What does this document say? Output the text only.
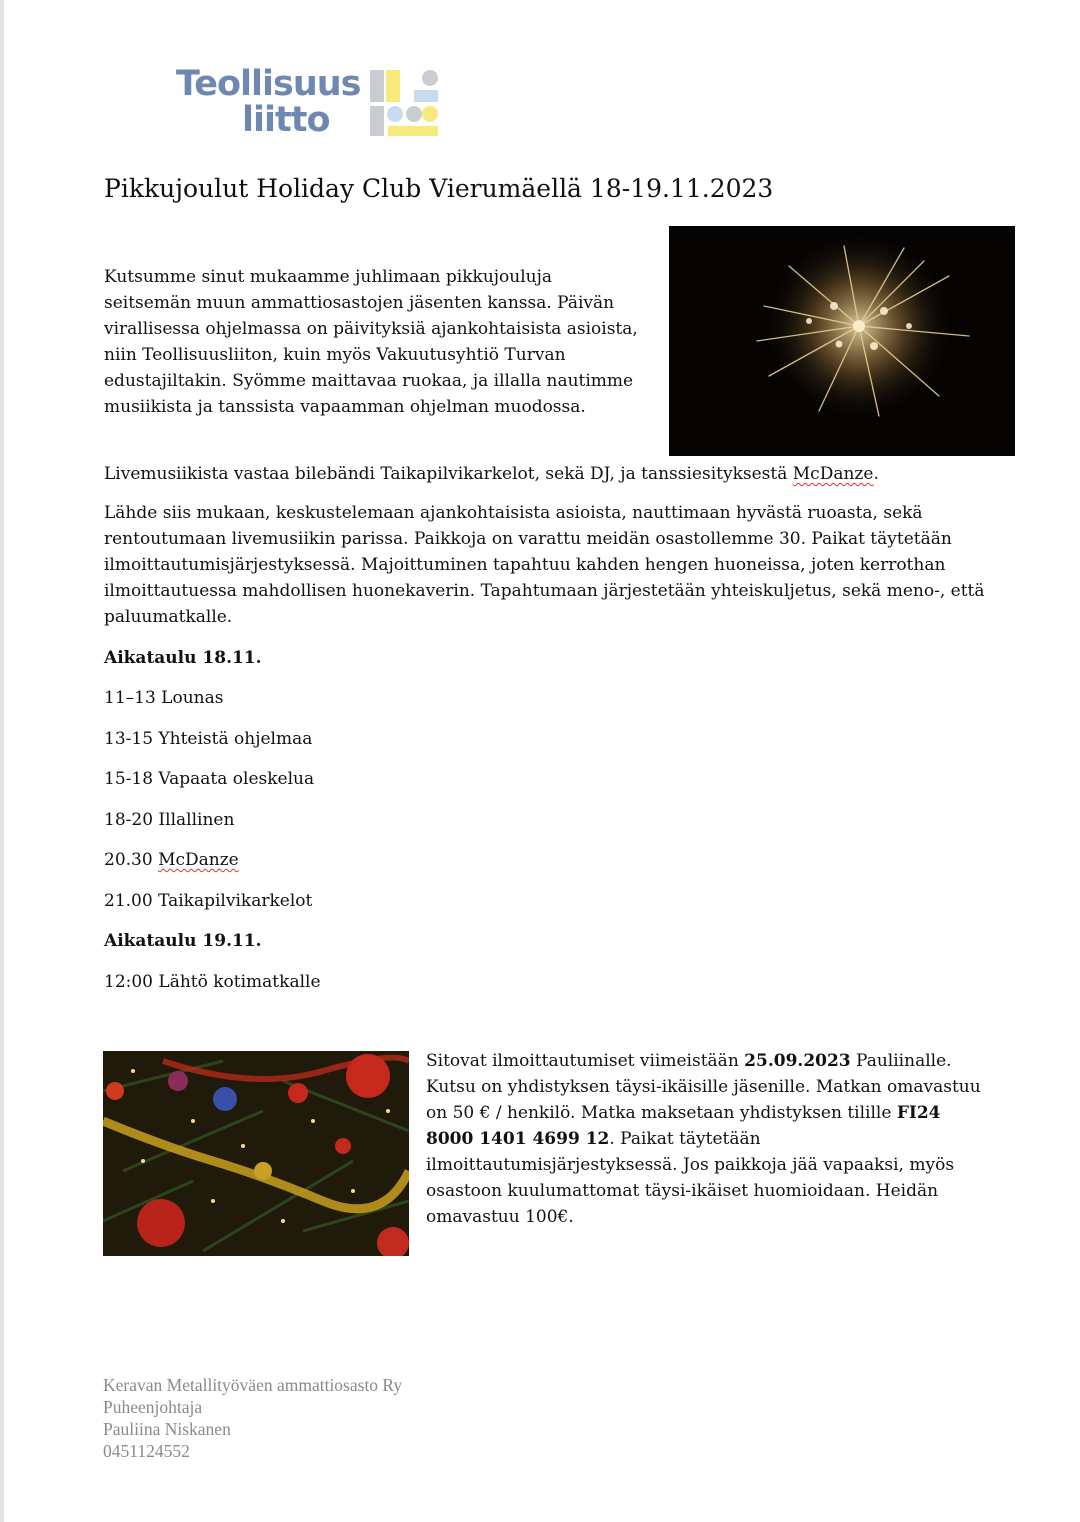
Teollisuus
liitto
Pikkujoulut Holiday Club Vierumäellä 18-19.11.2023

Kutsumme sinut mukaamme juhlimaan pikkujouluja seitsemän muun ammattiosastojen jäsenten kanssa. Päivän virallisessa ohjelmassa on päivityksiä ajankohtaisista asioista, niin Teollisuusliiton, kuin myös Vakuutusyhtiö Turvan edustajiltakin. Syömme maittavaa ruokaa, ja illalla nautimme musiikista ja tanssista vapaamman ohjelman muodossa.

Livemusiikista vastaa bilebändi Taikapilvikarkelot, sekä DJ, ja tanssiesityksestä McDanze.

Lähde siis mukaan, keskustelemaan ajankohtaisista asioista, nauttimaan hyvästä ruoasta, sekä rentoutumaan livemusiikin parissa. Paikkoja on varattu meidän osastollemme 30. Paikat täytetään ilmoittautumisjärjestyksessä. Majoittuminen tapahtuu kahden hengen huoneissa, joten kerrothan ilmoittautuessa mahdollisen huonekaverin. Tapahtumaan järjestetään yhteiskuljetus, sekä meno-, että paluumatkalle.

Aikataulu 18.11.

11–13 Lounas

13-15 Yhteistä ohjelmaa

15-18 Vapaata oleskelua

18-20 Illallinen

20.30 McDanze

21.00 Taikapilvikarkelot

Aikataulu 19.11.

12:00 Lähtö kotimatkalle

Sitovat ilmoittautumiset viimeistään 25.09.2023 Pauliinalle. Kutsu on yhdistyksen täysi-ikäisille jäsenille. Matkan omavastuu on 50 € / henkilö. Matka maksetaan yhdistyksen tilille FI24 8000 1401 4699 12. Paikat täytetään ilmoittautumisjärjestyksessä. Jos paikkoja jää vapaaksi, myös osastoon kuulumattomat täysi-ikäiset huomioidaan. Heidän omavastuu 100€.

Keravan Metallityöväen ammattiosasto Ry
Puheenjohtaja
Pauliina Niskanen
0451124552
